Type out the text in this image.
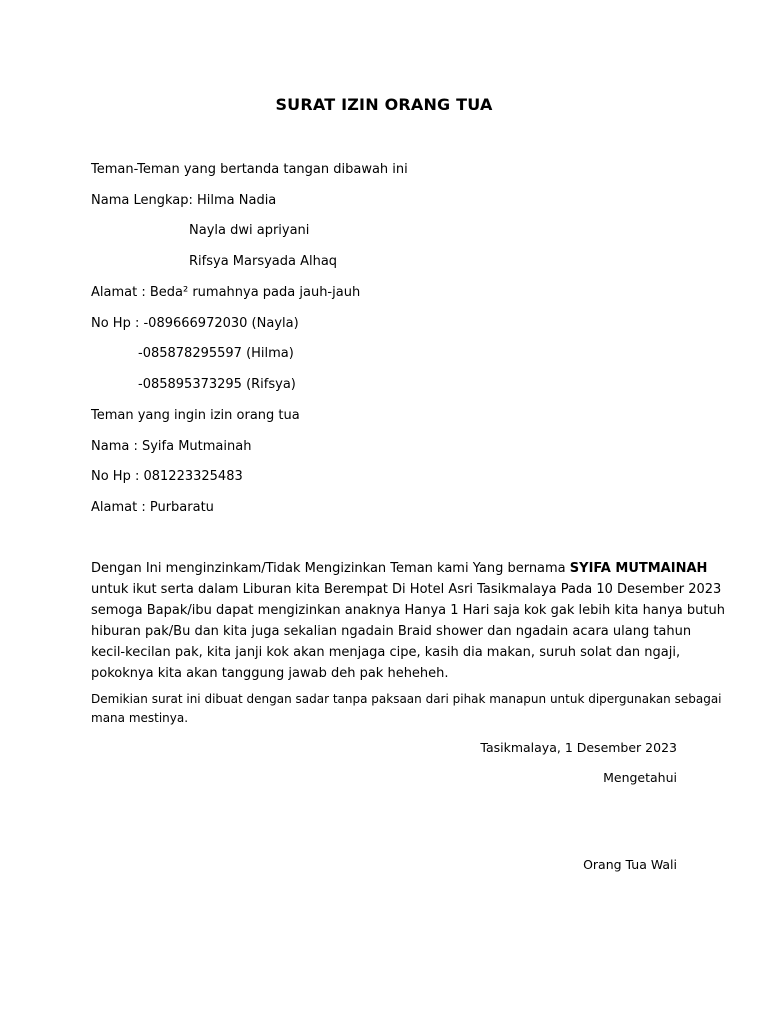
SURAT IZIN ORANG TUA
Teman-Teman yang bertanda tangan dibawah ini
Nama Lengkap: Hilma Nadia
Nayla dwi apriyani
Rifsya Marsyada Alhaq
Alamat : Beda² rumahnya pada jauh-jauh
No Hp : -089666972030 (Nayla)
-085878295597 (Hilma)
-085895373295 (Rifsya)
Teman yang ingin izin orang tua
Nama : Syifa Mutmainah
No Hp : 081223325483
Alamat : Purbaratu
Dengan Ini menginzinkam/Tidak Mengizinkan Teman kami Yang bernama SYIFA MUTMAINAH
untuk ikut serta dalam Liburan kita Berempat Di Hotel Asri Tasikmalaya Pada 10 Desember 2023
semoga Bapak/ibu dapat mengizinkan anaknya Hanya 1 Hari saja kok gak lebih kita hanya butuh
hiburan pak/Bu dan kita juga sekalian ngadain Braid shower dan ngadain acara ulang tahun
kecil-kecilan pak, kita janji kok akan menjaga cipe, kasih dia makan, suruh solat dan ngaji,
pokoknya kita akan tanggung jawab deh pak heheheh.
Demikian surat ini dibuat dengan sadar tanpa paksaan dari pihak manapun untuk dipergunakan sebagai
mana mestinya.
Tasikmalaya, 1 Desember 2023
Mengetahui
Orang Tua Wali
